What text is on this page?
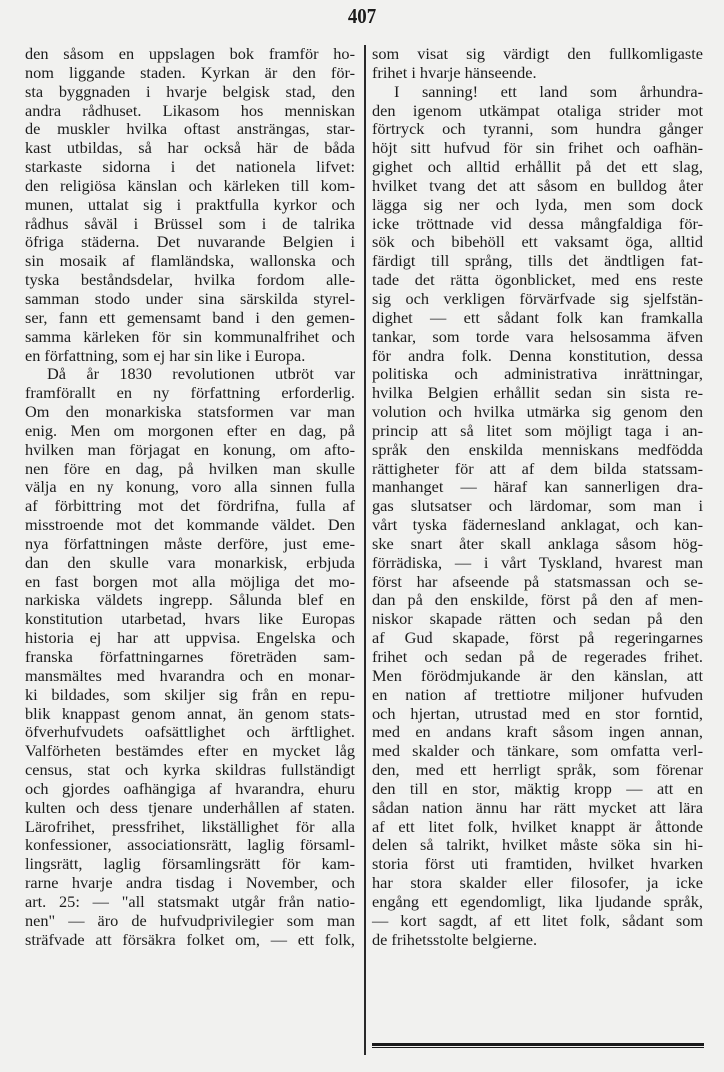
407
den såsom en uppslagen bok framför ho-
nom liggande staden. Kyrkan är den för-
sta byggnaden i hvarje belgisk stad, den
andra rådhuset. Likasom hos menniskan
de muskler hvilka oftast ansträngas, star-
kast utbildas, så har också här de båda
starkaste sidorna i det nationela lifvet:
den religiösa känslan och kärleken till kom-
munen, uttalat sig i praktfulla kyrkor och
rådhus såväl i Brüssel som i de talrika
öfriga städerna. Det nuvarande Belgien i
sin mosaik af flamländska, wallonska och
tyska beståndsdelar, hvilka fordom alle-
samman stodo under sina särskilda styrel-
ser, fann ett gemensamt band i den gemen-
samma kärleken för sin kommunalfrihet och
en författning, som ej har sin like i Europa.
Då år 1830 revolutionen utbröt var
framförallt en ny författning erforderlig.
Om den monarkiska statsformen var man
enig. Men om morgonen efter en dag, på
hvilken man förjagat en konung, om afto-
nen före en dag, på hvilken man skulle
välja en ny konung, voro alla sinnen fulla
af förbittring mot det fördrifna, fulla af
misstroende mot det kommande väldet. Den
nya författningen måste derföre, just eme-
dan den skulle vara monarkisk, erbjuda
en fast borgen mot alla möjliga det mo-
narkiska väldets ingrepp. Sålunda blef en
konstitution utarbetad, hvars like Europas
historia ej har att uppvisa. Engelska och
franska författningarnes företräden sam-
mansmältes med hvarandra och en monar-
ki bildades, som skiljer sig från en repu-
blik knappast genom annat, än genom stats-
öfverhufvudets oafsättlighet och ärftlighet.
Valförheten bestämdes efter en mycket låg
census, stat och kyrka skildras fullständigt
och gjordes oafhängiga af hvarandra, ehuru
kulten och dess tjenare underhållen af staten.
Lärofrihet, pressfrihet, likställighet för alla
konfessioner, associationsrätt, laglig församl-
lingsrätt, laglig församlingsrätt för kam-
rarne hvarje andra tisdag i November, och
art. 25: — "all statsmakt utgår från natio-
nen" — äro de hufvudprivilegier som man
sträfvade att försäkra folket om, — ett folk,
som visat sig värdigt den fullkomligaste
frihet i hvarje hänseende.
I sanning! ett land som århundra-
den igenom utkämpat otaliga strider mot
förtryck och tyranni, som hundra gånger
höjt sitt hufvud för sin frihet och oafhän-
gighet och alltid erhållit på det ett slag,
hvilket tvang det att såsom en bulldog åter
lägga sig ner och lyda, men som dock
icke tröttnade vid dessa mångfaldiga för-
sök och bibehöll ett vaksamt öga, alltid
färdigt till språng, tills det ändtligen fat-
tade det rätta ögonblicket, med ens reste
sig och verkligen förvärfvade sig sjelfstän-
dighet — ett sådant folk kan framkalla
tankar, som torde vara helsosamma äfven
för andra folk. Denna konstitution, dessa
politiska och administrativa inrättningar,
hvilka Belgien erhållit sedan sin sista re-
volution och hvilka utmärka sig genom den
princip att så litet som möjligt taga i an-
språk den enskilda menniskans medfödda
rättigheter för att af dem bilda statssam-
manhanget — häraf kan sannerligen dra-
gas slutsatser och lärdomar, som man i
vårt tyska fädernesland anklagat, och kan-
ske snart åter skall anklaga såsom hög-
förrädiska, — i vårt Tyskland, hvarest man
först har afseende på statsmassan och se-
dan på den enskilde, först på den af men-
niskor skapade rätten och sedan på den
af Gud skapade, först på regeringarnes
frihet och sedan på de regerades frihet.
Men förödmjukande är den känslan, att
en nation af trettiotre miljoner hufvuden
och hjertan, utrustad med en stor forntid,
med en andans kraft såsom ingen annan,
med skalder och tänkare, som omfatta verl-
den, med ett herrligt språk, som förenar
den till en stor, mäktig kropp — att en
sådan nation ännu har rätt mycket att lära
af ett litet folk, hvilket knappt är åttonde
delen så talrikt, hvilket måste söka sin hi-
storia först uti framtiden, hvilket hvarken
har stora skalder eller filosofer, ja icke
engång ett egendomligt, lika ljudande språk,
— kort sagdt, af ett litet folk, sådant som
de frihetsstolte belgierne.
